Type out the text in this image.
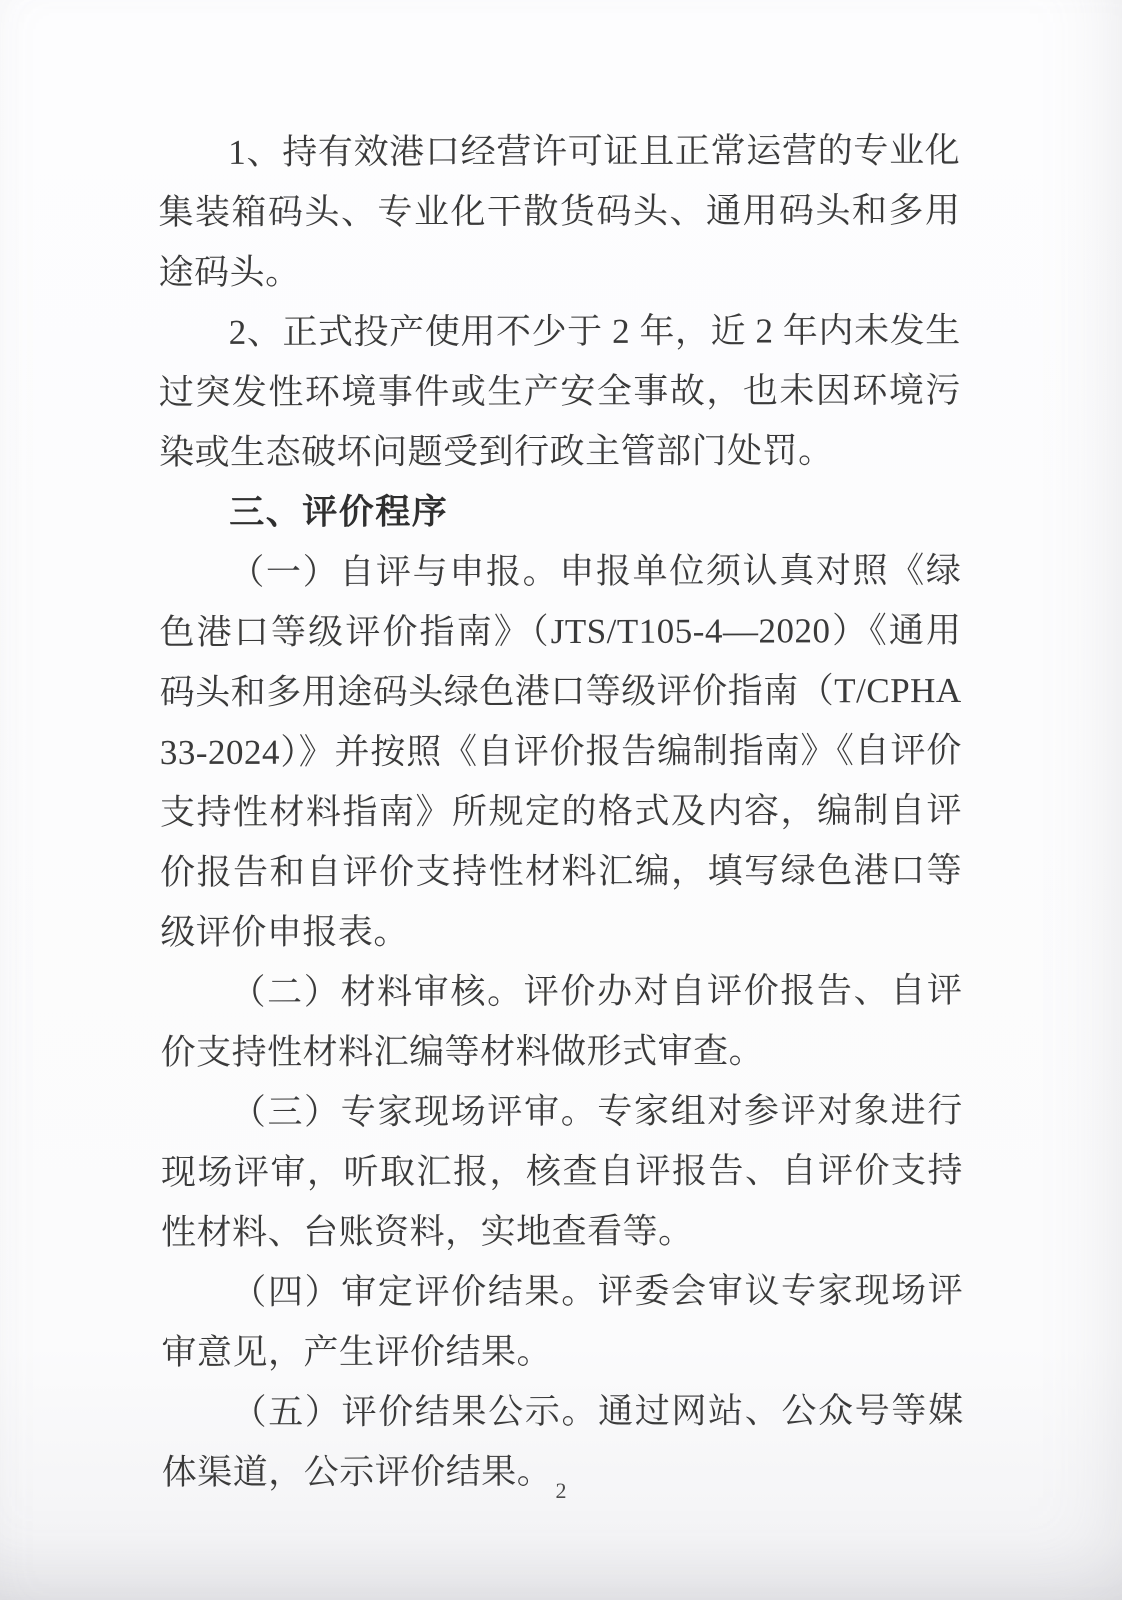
1、持有效港口经营许可证且正常运营的专业化集装箱码头、专业化干散货码头、通用码头和多用途码头。

2、正式投产使用不少于 2 年，近 2 年内未发生过突发性环境事件或生产安全事故，也未因环境污染或生态破坏问题受到行政主管部门处罚。

三、评价程序

（一）自评与申报。申报单位须认真对照《绿色港口等级评价指南》（JTS/T105-4—2020）《通用码头和多用途码头绿色港口等级评价指南（T/CPHA 33-2024）》并按照《自评价报告编制指南》《自评价支持性材料指南》所规定的格式及内容，编制自评价报告和自评价支持性材料汇编，填写绿色港口等级评价申报表。

（二）材料审核。评价办对自评价报告、自评价支持性材料汇编等材料做形式审查。

（三）专家现场评审。专家组对参评对象进行现场评审，听取汇报，核查自评报告、自评价支持性材料、台账资料，实地查看等。

（四）审定评价结果。评委会审议专家现场评审意见，产生评价结果。

（五）评价结果公示。通过网站、公众号等媒体渠道，公示评价结果。 2
